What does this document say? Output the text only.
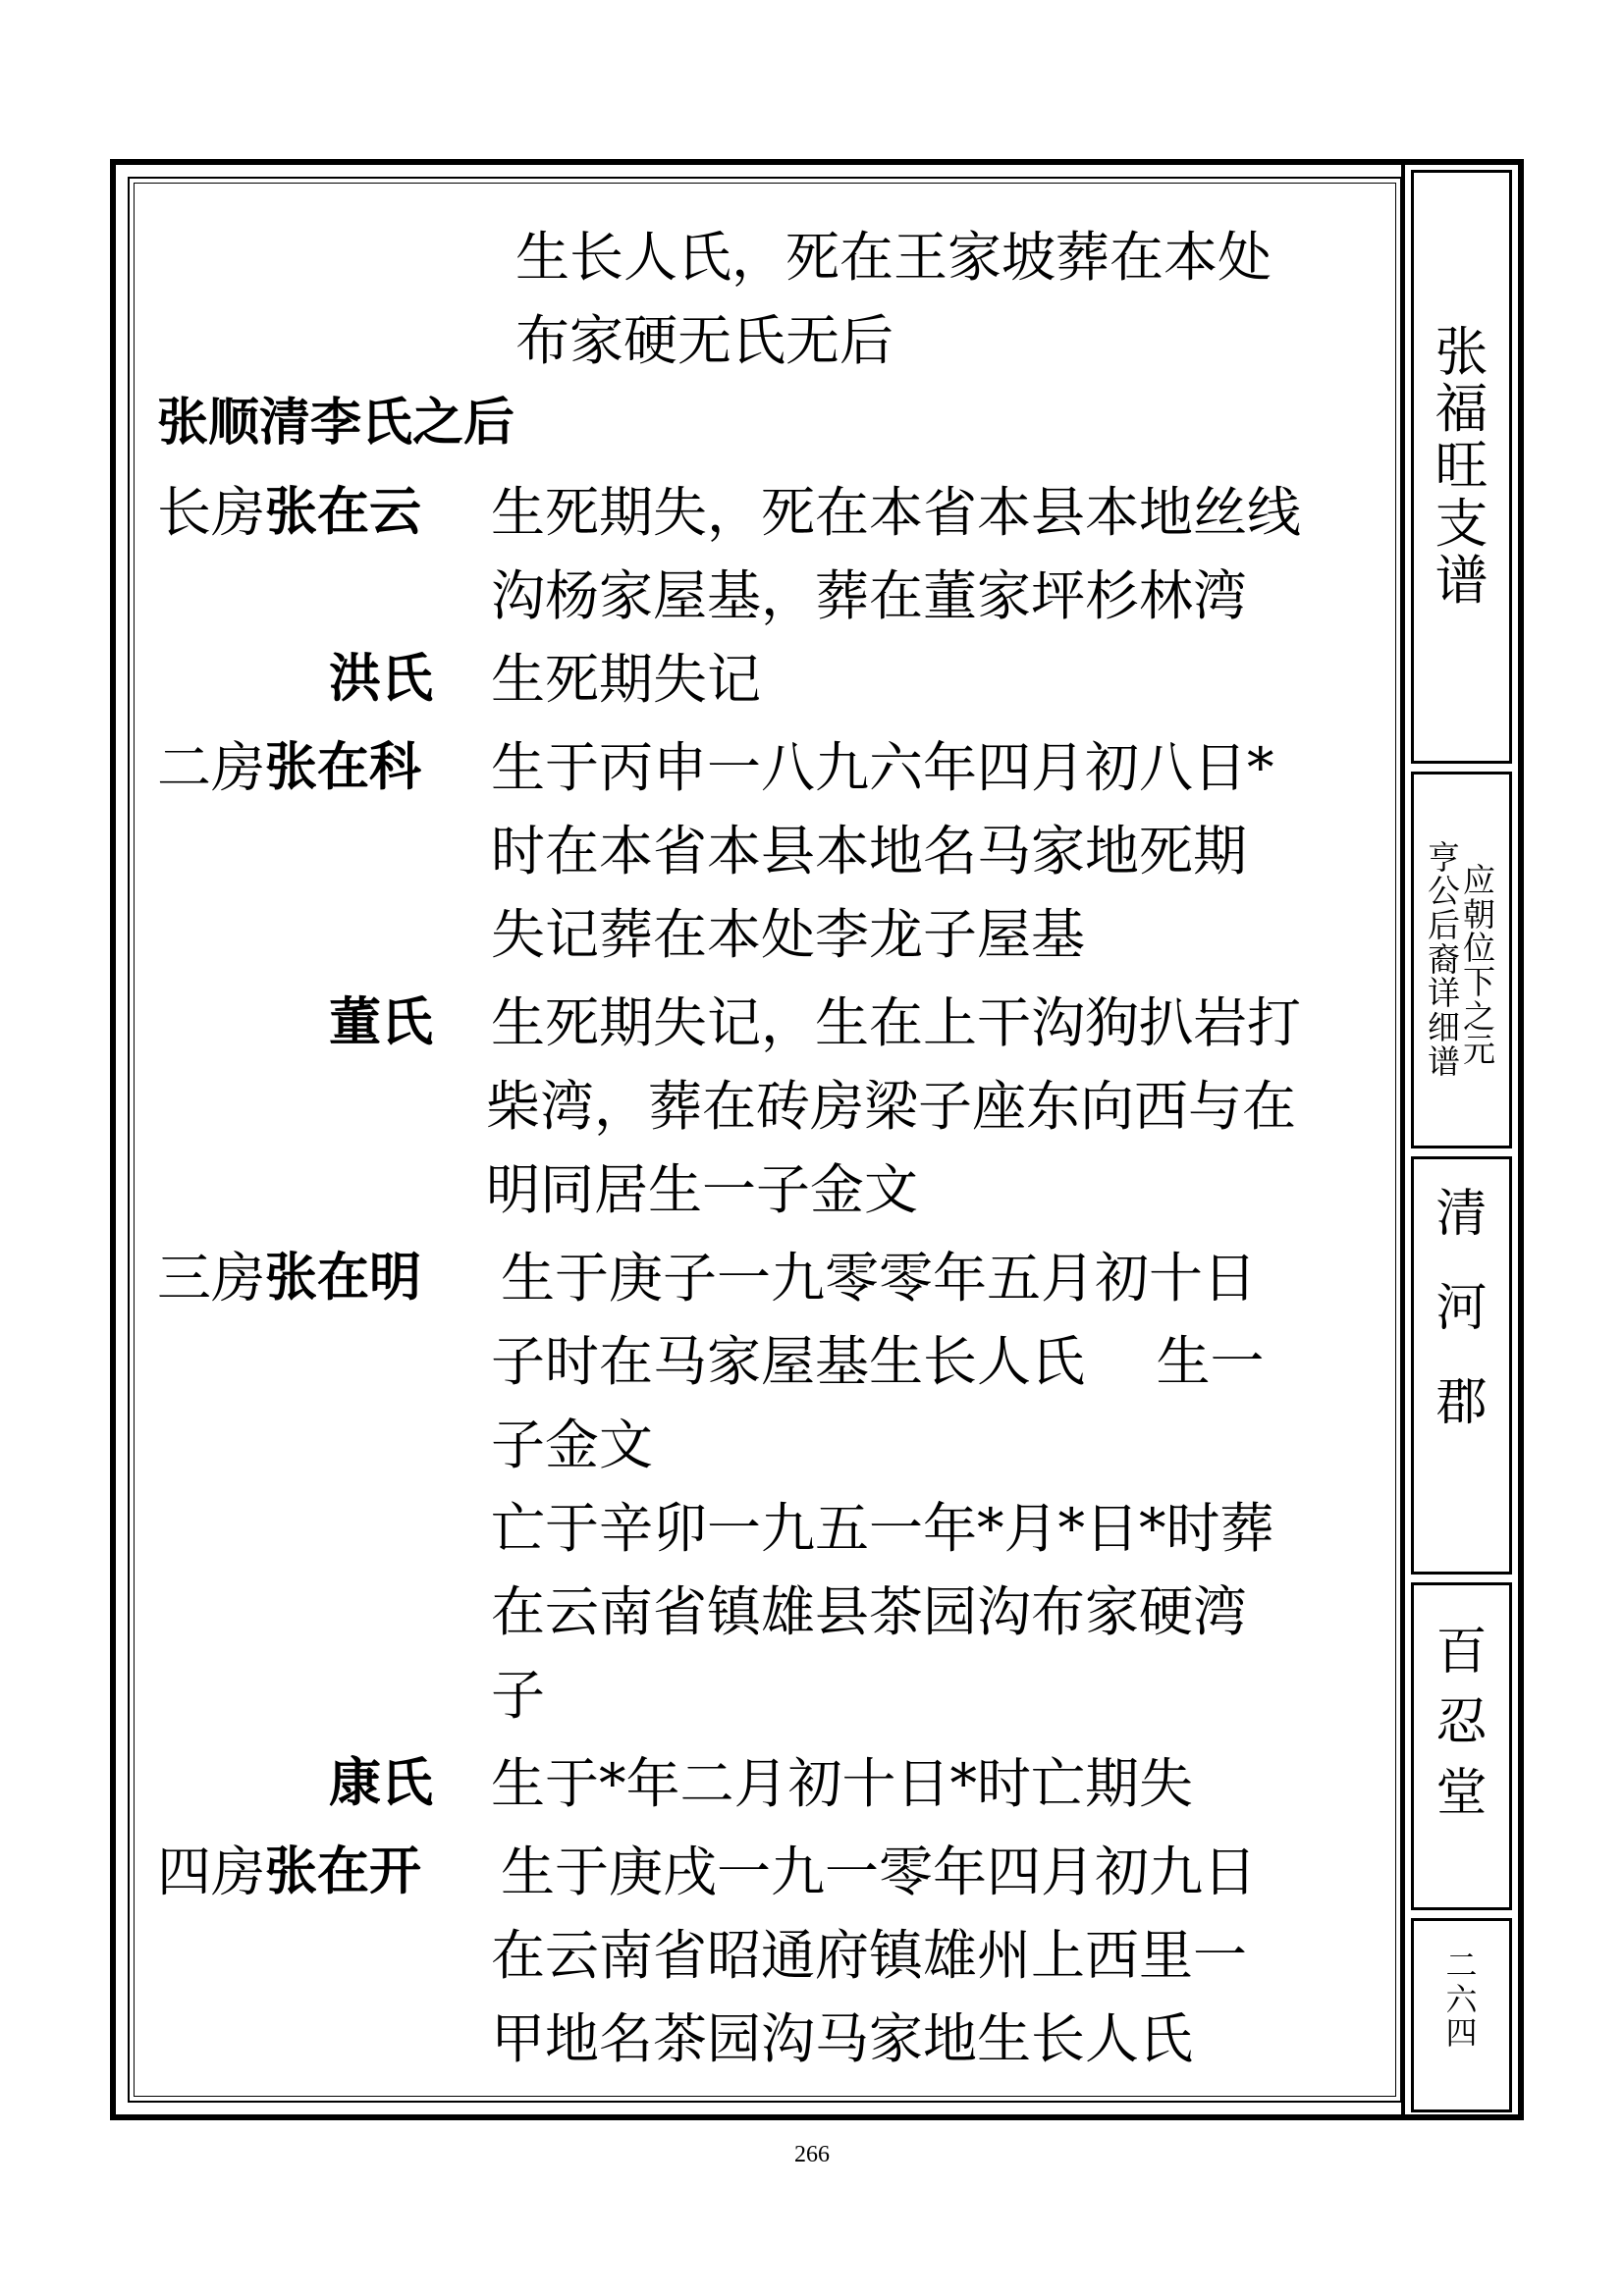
张
福
旺
支
谱
应
朝
位
下
之
元
亨
公
后
裔
详
细
谱
清
河
郡
百
忍
堂
二
六
四
生长人氏，死在王家坡葬在本处
布家硬无氏无后
张顺清李氏之后
长房 张在云 生死期失，死在本省本县本地丝线
沟杨家屋基，葬在董家坪杉林湾
洪氏 生死期失记
二房 张在科 生于丙申一八九六年四月初八日*
时在本省本县本地名马家地死期
失记葬在本处李龙子屋基
董氏 生死期失记，生在上干沟狗扒岩打
柴湾，葬在砖房梁子座东向西与在
明同居生一子金文
三房 张在明 生于庚子一九零零年五月初十日
子时在马家屋基生长人氏　 生一
子金文
亡于辛卯一九五一年*月*日*时葬
在云南省镇雄县茶园沟布家硬湾
子
康氏 生于*年二月初十日*时亡期失
四房 张在开 生于庚戌一九一零年四月初九日
在云南省昭通府镇雄州上西里一
甲地名茶园沟马家地生长人氏
266
